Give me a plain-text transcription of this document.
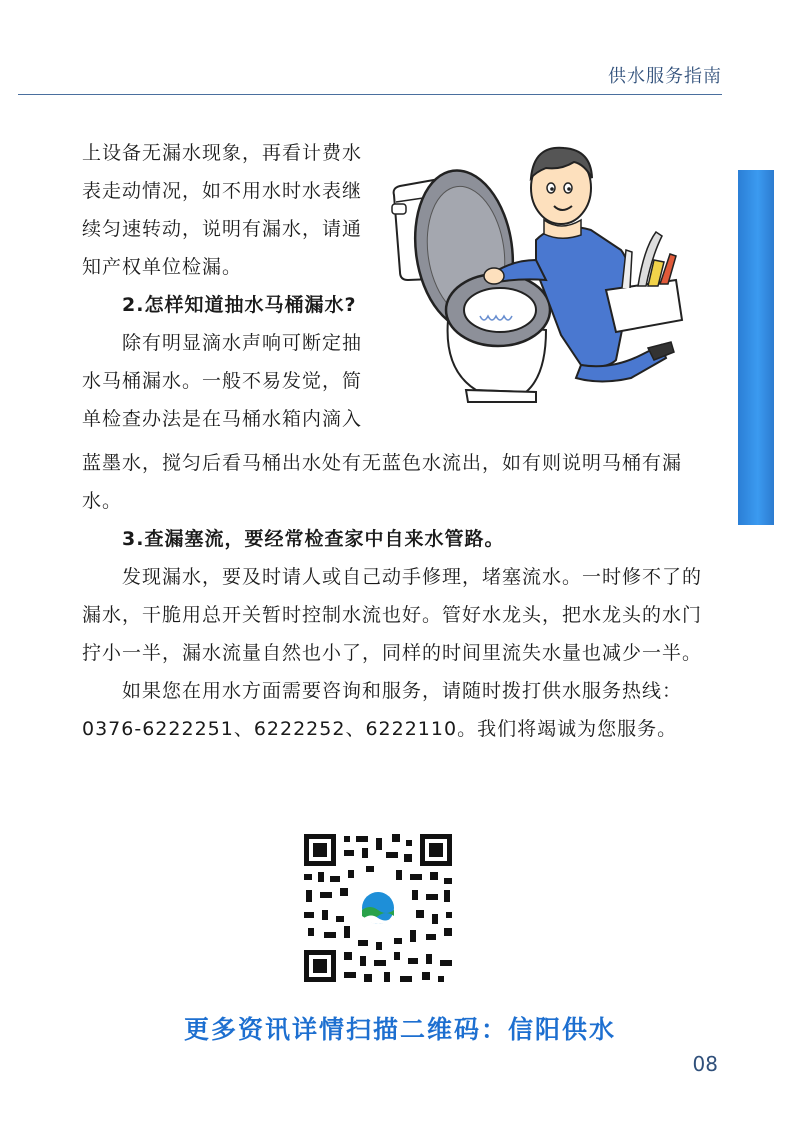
供水服务指南

上设备无漏水现象，再看计费水

表走动情况，如不用水时水表继

续匀速转动，说明有漏水，请通

知产权单位检漏。

2.怎样知道抽水马桶漏水?

除有明显滴水声响可断定抽

水马桶漏水。一般不易发觉，简

单检查办法是在马桶水箱内滴入

蓝墨水，搅匀后看马桶出水处有无蓝色水流出，如有则说明马桶有漏水。

3.查漏塞流，要经常检查家中自来水管路。

发现漏水，要及时请人或自己动手修理，堵塞流水。一时修不了的漏水，干脆用总开关暂时控制水流也好。管好水龙头，把水龙头的水门拧小一半，漏水流量自然也小了，同样的时间里流失水量也减少一半。

如果您在用水方面需要咨询和服务，请随时拨打供水服务热线：0376-6222251、6222252、6222110。我们将竭诚为您服务。

更多资讯详情扫描二维码：信阳供水
08
